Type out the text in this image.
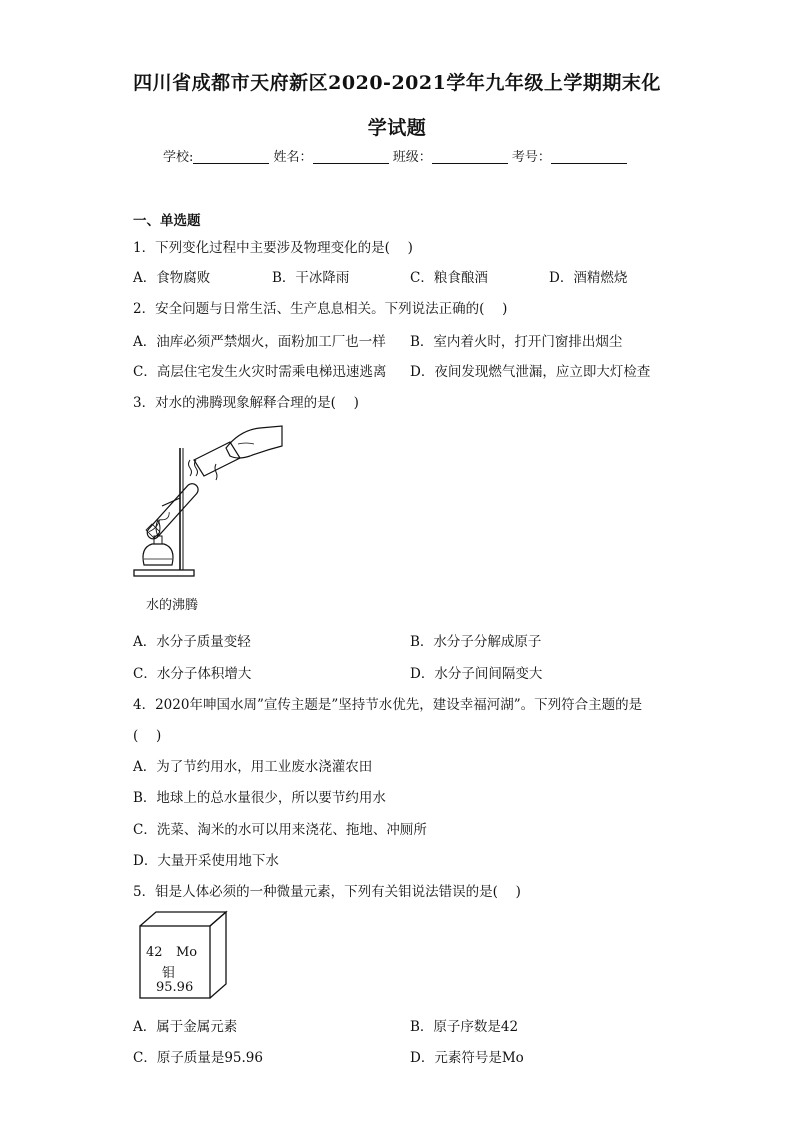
四川省成都市天府新区2020-2021学年九年级上学期期末化
学试题
学校:	姓名：	班级：	考号：
一、单选题
1．下列变化过程中主要涉及物理变化的是(　 )
A．食物腐败	B．干冰降雨	C．粮食酿酒	D．酒精燃烧
2．安全问题与日常生活、生产息息相关。下列说法正确的(　 )
A．油库必须严禁烟火，面粉加工厂也一样 B．室内着火时，打开门窗排出烟尘
C．高层住宅发生火灾时需乘电梯迅速逃离 D．夜间发现燃气泄漏，应立即大灯检查
3．对水的沸腾现象解释合理的是(　 )
水的沸腾
A．水分子质量变轻	B．水分子分解成原子
C．水分子体积增大	D．水分子间间隔变大
4．2020年呻国水周”宣传主题是”坚持节水优先，建设幸福河湖”。下列符合主题的是
(　 )
A．为了节约用水，用工业废水浇灌农田
B．地球上的总水量很少，所以要节约用水
C．洗菜、淘米的水可以用来浇花、拖地、冲厕所
D．大量开采使用地下水
5．钼是人体必须的一种微量元素，下列有关钼说法错误的是(　 )
42 Mo
钼
95.96
A．属于金属元素	B．原子序数是42
C．原子质量是95.96	D．元素符号是Mo
